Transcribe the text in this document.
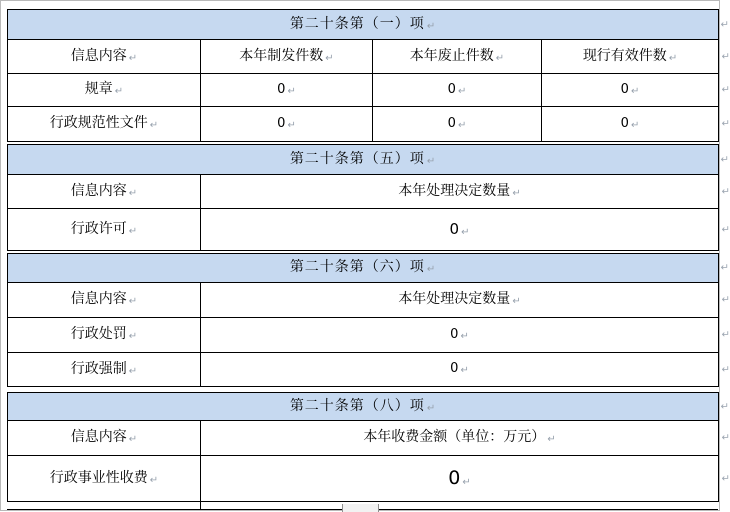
第二十条第（一）项 ↵ ↵			

信息内容 ↵	本年制发件数 ↵	本年废止件数 ↵	现行有效件数 ↵ ↵

规章 ↵	0 ↵	0 ↵	0 ↵ ↵

行政规范性文件 ↵	0 ↵	0 ↵	0 ↵ ↵
第二十条第（五）项 ↵ ↵	

信息内容 ↵	本年处理决定数量 ↵ ↵

行政许可 ↵	0 ↵ ↵
第二十条第（六）项 ↵ ↵	

信息内容 ↵	本年处理决定数量 ↵ ↵

行政处罚 ↵	0 ↵ ↵

行政强制 ↵	0 ↵ ↵
第二十条第（八）项 ↵ ↵	

信息内容 ↵	本年收费金额（单位：万元） ↵ ↵

行政事业性收费 ↵	0 ↵ ↵
